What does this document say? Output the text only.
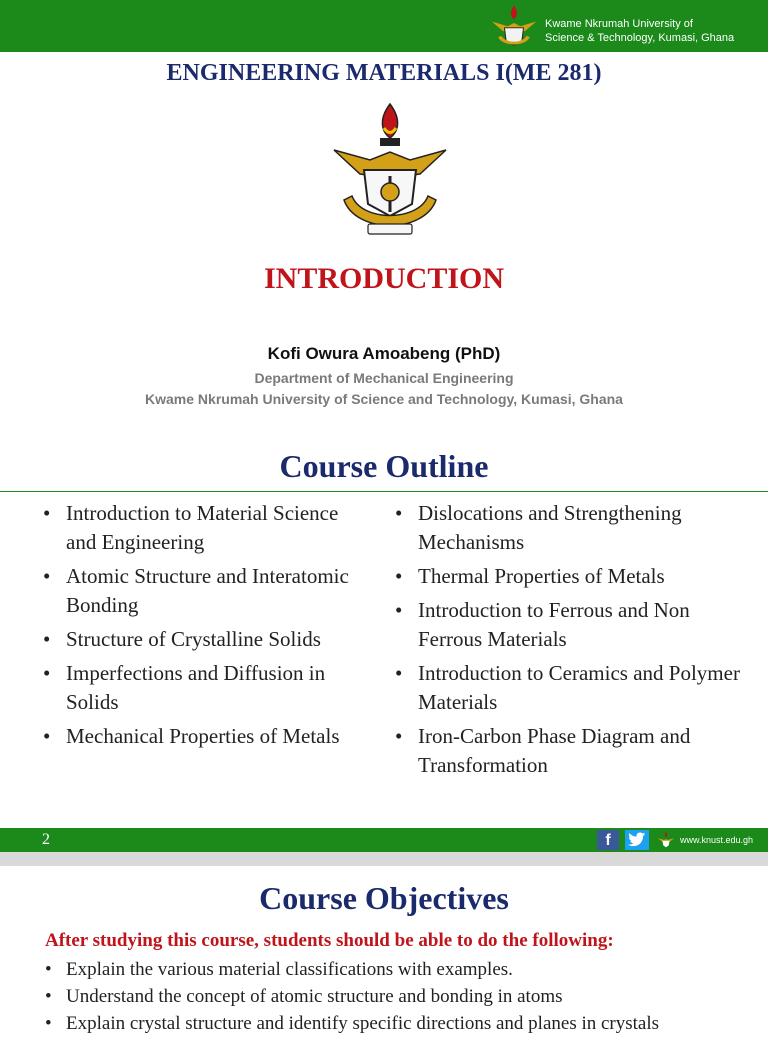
Kwame Nkrumah University of
Science & Technology, Kumasi, Ghana
ENGINEERING MATERIALS I(ME 281)
INTRODUCTION
Kofi Owura Amoabeng (PhD)
Department of Mechanical Engineering
Kwame Nkrumah University of Science and Technology, Kumasi, Ghana
Course Outline
• Introduction to Material Science and Engineering
• Atomic Structure and Interatomic Bonding
• Structure of Crystalline Solids
• Imperfections and Diffusion in Solids
• Mechanical Properties of Metals
• Dislocations and Strengthening Mechanisms
• Thermal Properties of Metals
• Introduction to Ferrous and Non Ferrous Materials
• Introduction to Ceramics and Polymer Materials
• Iron-Carbon Phase Diagram and Transformation
2	f	www.knust.edu.gh
Course Objectives
After studying this course, students should be able to do the following:
• Explain the various material classifications with examples.
• Understand the concept of atomic structure and bonding in atoms
• Explain crystal structure and identify specific directions and planes in crystals
